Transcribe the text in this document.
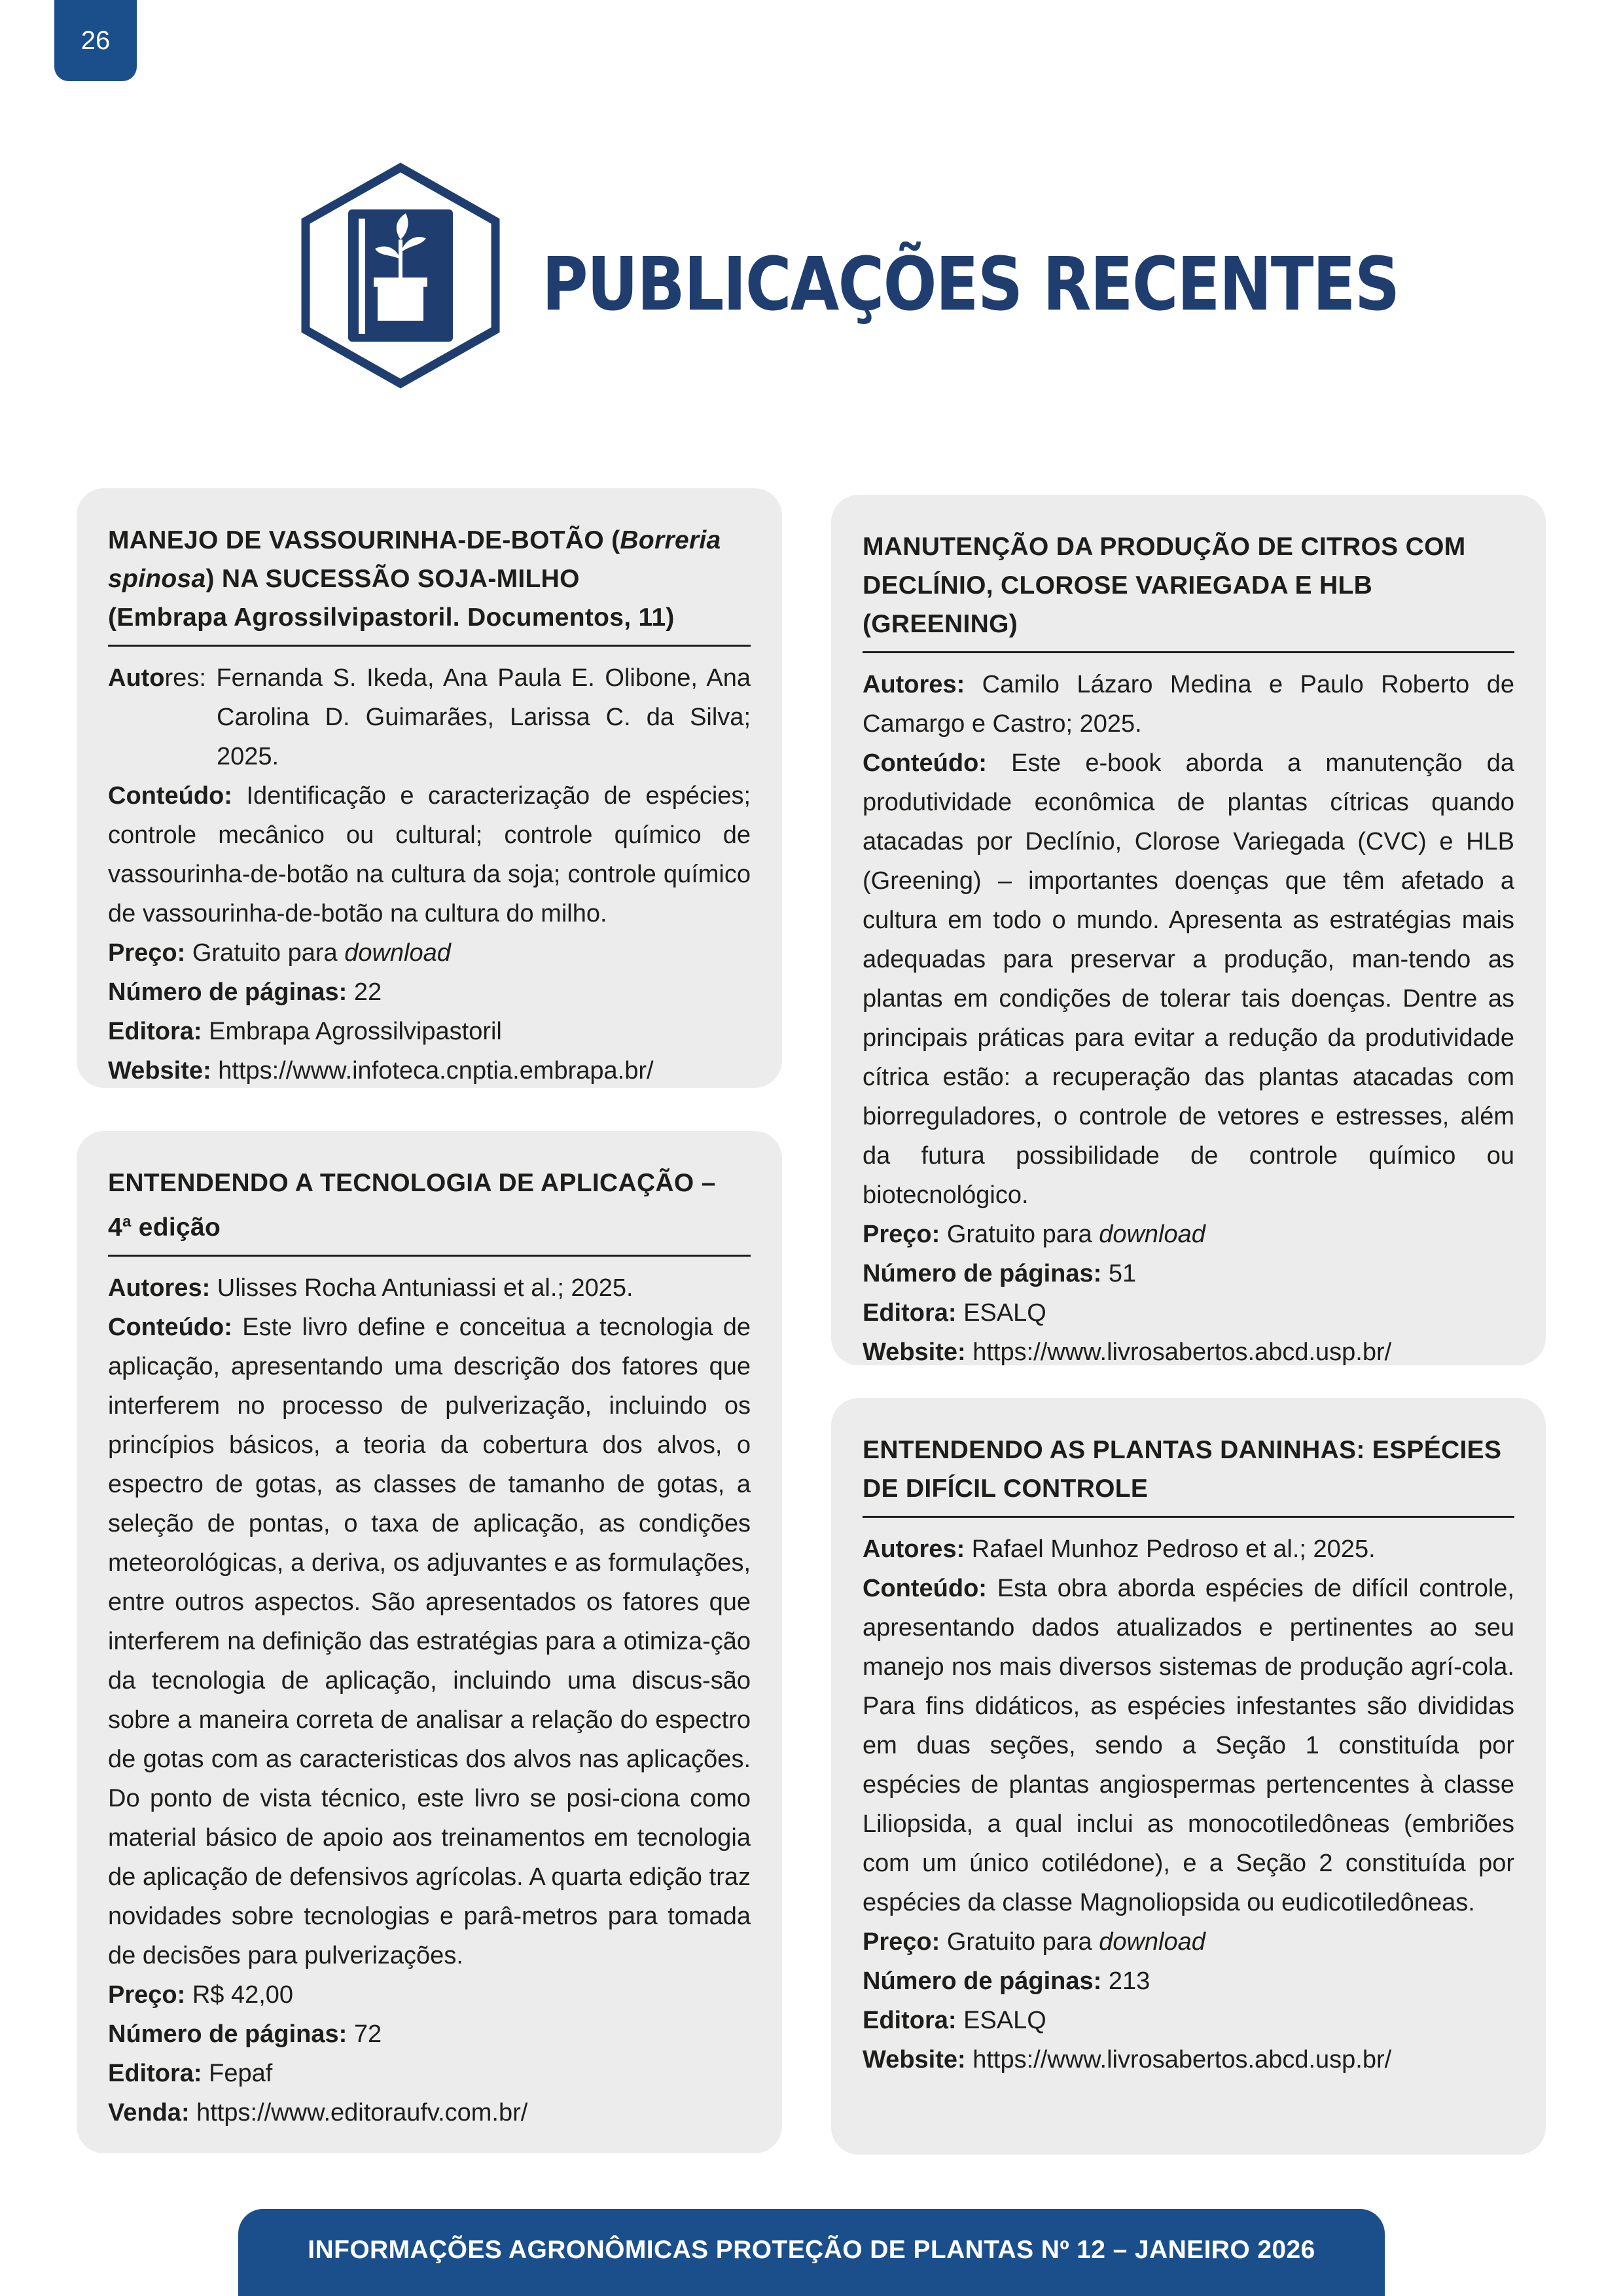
26
PUBLICAÇÕES RECENTES
MANEJO DE VASSOURINHA-DE-BOTÃO (Borreria spinosa) NA SUCESSÃO SOJA-MILHO
(Embrapa Agrossilvipastoril. Documentos, 11)

Autores: Fernanda S. Ikeda, Ana Paula E. Olibone, Ana Carolina D. Guimarães, Larissa C. da Silva; 2025.

Conteúdo: Identificação e caracterização de espécies; controle mecânico ou cultural; controle químico de vassourinha-de-botão na cultura da soja; controle químico de vassourinha-de-botão na cultura do milho.

Preço: Gratuito para download

Número de páginas: 22

Editora: Embrapa Agrossilvipastoril

Website: https://www.infoteca.cnptia.embrapa.br/

ENTENDENDO A TECNOLOGIA DE APLICAÇÃO –
4$^a$ edição

Autores: Ulisses Rocha Antuniassi et al.; 2025.

Conteúdo: Este livro define e conceitua a tecnologia de aplicação, apresentando uma descrição dos fatores que interferem no processo de pulverização, incluindo os princípios básicos, a teoria da cobertura dos alvos, o espectro de gotas, as classes de tamanho de gotas, a seleção de pontas, o taxa de aplicação, as condições meteorológicas, a deriva, os adjuvantes e as formulações, entre outros aspectos. São apresentados os fatores que interferem na definição das estratégias para a otimiza-ção da tecnologia de aplicação, incluindo uma discus-são sobre a maneira correta de analisar a relação do espectro de gotas com as caracteristicas dos alvos nas aplicações. Do ponto de vista técnico, este livro se posi-ciona como material básico de apoio aos treinamentos em tecnologia de aplicação de defensivos agrícolas. A quarta edição traz novidades sobre tecnologias e parâ-metros para tomada de decisões para pulverizações.

Preço: R$ 42,00

Número de páginas: 72

Editora: Fepaf

Venda: https://www.editoraufv.com.br/

MANUTENÇÃO DA PRODUÇÃO DE CITROS COM
DECLÍNIO, CLOROSE VARIEGADA E HLB (GREENING)

Autores: Camilo Lázaro Medina e Paulo Roberto de Camargo e Castro; 2025.

Conteúdo: Este e-book aborda a manutenção da produtividade econômica de plantas cítricas quando atacadas por Declínio, Clorose Variegada (CVC) e HLB (Greening) – importantes doenças que têm afetado a cultura em todo o mundo. Apresenta as estratégias mais adequadas para preservar a produção, man-tendo as plantas em condições de tolerar tais doenças. Dentre as principais práticas para evitar a redução da produtividade cítrica estão: a recuperação das plantas atacadas com biorreguladores, o controle de vetores e estresses, além da futura possibilidade de controle químico ou biotecnológico.

Preço: Gratuito para download

Número de páginas: 51

Editora: ESALQ

Website: https://www.livrosabertos.abcd.usp.br/

ENTENDENDO AS PLANTAS DANINHAS: ESPÉCIES
DE DIFÍCIL CONTROLE

Autores: Rafael Munhoz Pedroso et al.; 2025.

Conteúdo: Esta obra aborda espécies de difícil controle, apresentando dados atualizados e pertinentes ao seu manejo nos mais diversos sistemas de produção agrí-cola. Para fins didáticos, as espécies infestantes são divididas em duas seções, sendo a Seção 1 constituída por espécies de plantas angiospermas pertencentes à classe Liliopsida, a qual inclui as monocotiledôneas (embriões com um único cotilédone), e a Seção 2 constituída por espécies da classe Magnoliopsida ou eudicotiledôneas.

Preço: Gratuito para download

Número de páginas: 213

Editora: ESALQ

Website: https://www.livrosabertos.abcd.usp.br/

INFORMAÇÕES AGRONÔMICAS PROTEÇÃO DE PLANTAS Nº 12 – JANEIRO 2026
